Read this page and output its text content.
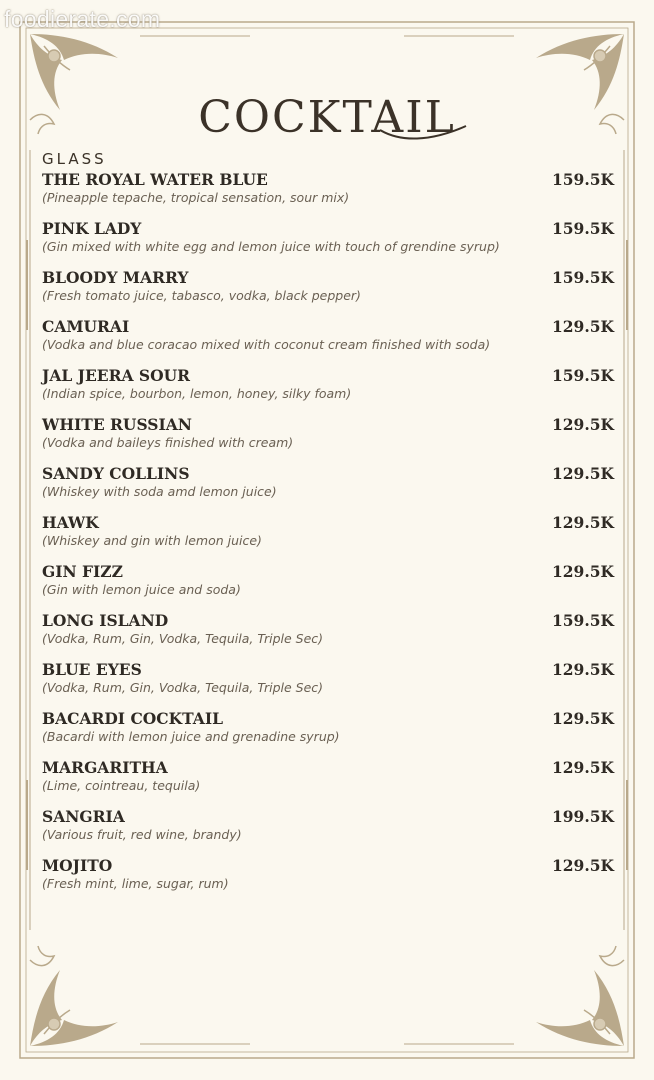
foodierate.com
COCKTAIL
GLASS
THE ROYAL WATER BLUE	159.5K
(Pineapple tepache, tropical sensation, sour mix)
PINK LADY	159.5K
(Gin mixed with white egg and lemon juice with touch of grendine syrup)
BLOODY MARRY	159.5K
(Fresh tomato juice, tabasco, vodka, black pepper)
CAMURAI	129.5K
(Vodka and blue coracao mixed with coconut cream finished with soda)
JAL JEERA SOUR	159.5K
(Indian spice, bourbon, lemon, honey, silky foam)
WHITE RUSSIAN	129.5K
(Vodka and baileys finished with cream)
SANDY COLLINS	129.5K
(Whiskey with soda amd lemon juice)
HAWK	129.5K
(Whiskey and gin with lemon juice)
GIN FIZZ	129.5K
(Gin with lemon juice and soda)
LONG ISLAND	159.5K
(Vodka, Rum, Gin, Vodka, Tequila, Triple Sec)
BLUE EYES	129.5K
(Vodka, Rum, Gin, Vodka, Tequila, Triple Sec)
BACARDI COCKTAIL	129.5K
(Bacardi with lemon juice and grenadine syrup)
MARGARITHA	129.5K
(Lime, cointreau, tequila)
SANGRIA	199.5K
(Various fruit, red wine, brandy)
MOJITO	129.5K
(Fresh mint, lime, sugar, rum)
